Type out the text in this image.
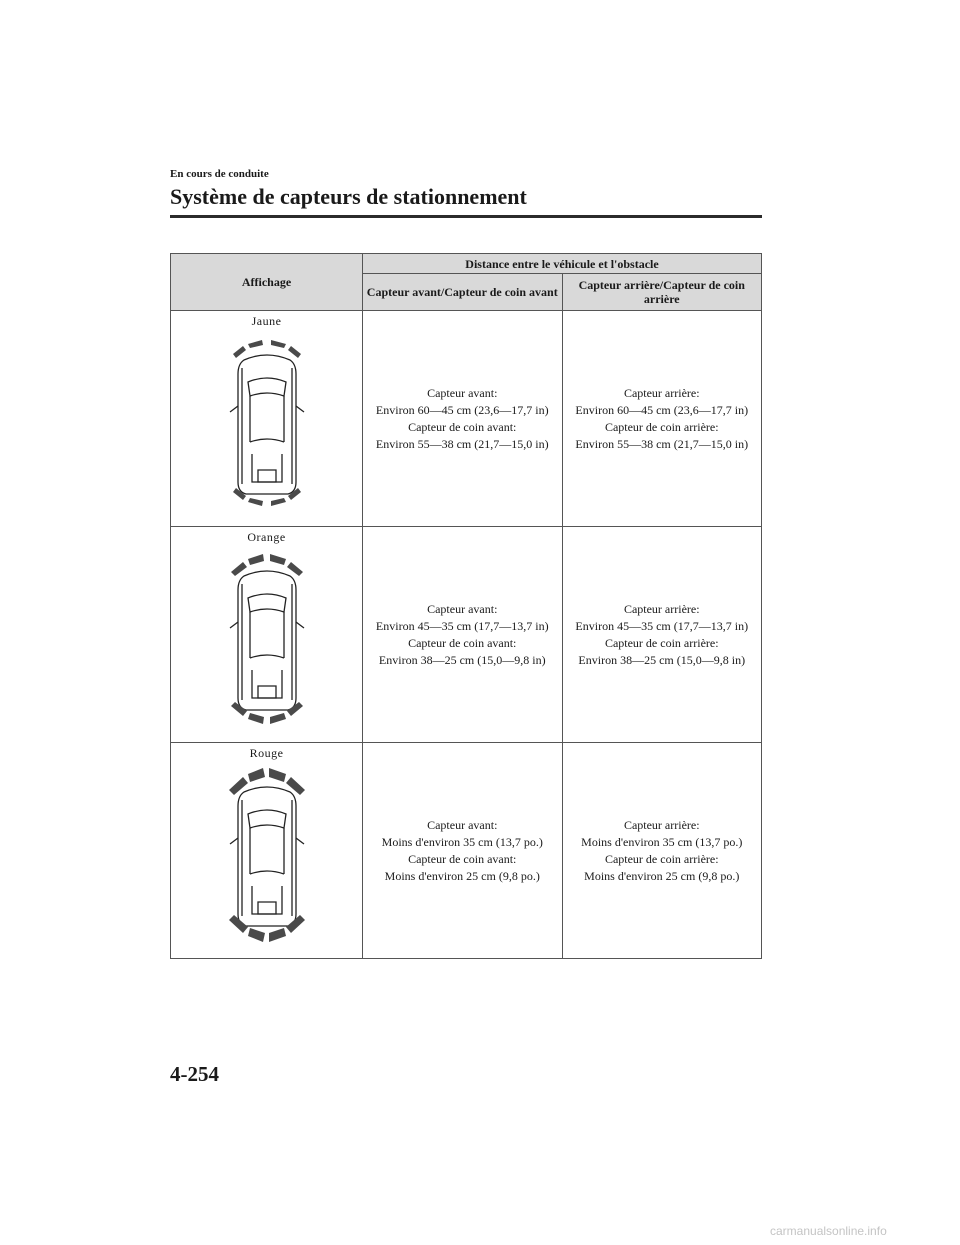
En cours de conduite
Système de capteurs de stationnement
Affichage	Distance entre le véhicule et l'obstacle	
	Capteur avant/Capteur de coin avant	Capteur arrière/Capteur de coin arrière

Jaune	Capteur avant:
Environ 60―45 cm (23,6―17,7 in)
Capteur de coin avant:
Environ 55―38 cm (21,7―15,0 in)	Capteur arrière:
Environ 60―45 cm (23,6―17,7 in)
Capteur de coin arrière:
Environ 55―38 cm (21,7―15,0 in)

Orange	Capteur avant:
Environ 45―35 cm (17,7―13,7 in)
Capteur de coin avant:
Environ 38―25 cm (15,0―9,8 in)	Capteur arrière:
Environ 45―35 cm (17,7―13,7 in)
Capteur de coin arrière:
Environ 38―25 cm (15,0―9,8 in)

Rouge	Capteur avant:
Moins d'environ 35 cm (13,7 po.)
Capteur de coin avant:
Moins d'environ 25 cm (9,8 po.)	Capteur arrière:
Moins d'environ 35 cm (13,7 po.)
Capteur de coin arrière:
Moins d'environ 25 cm (9,8 po.)
4-254
carmanualsonline.info
